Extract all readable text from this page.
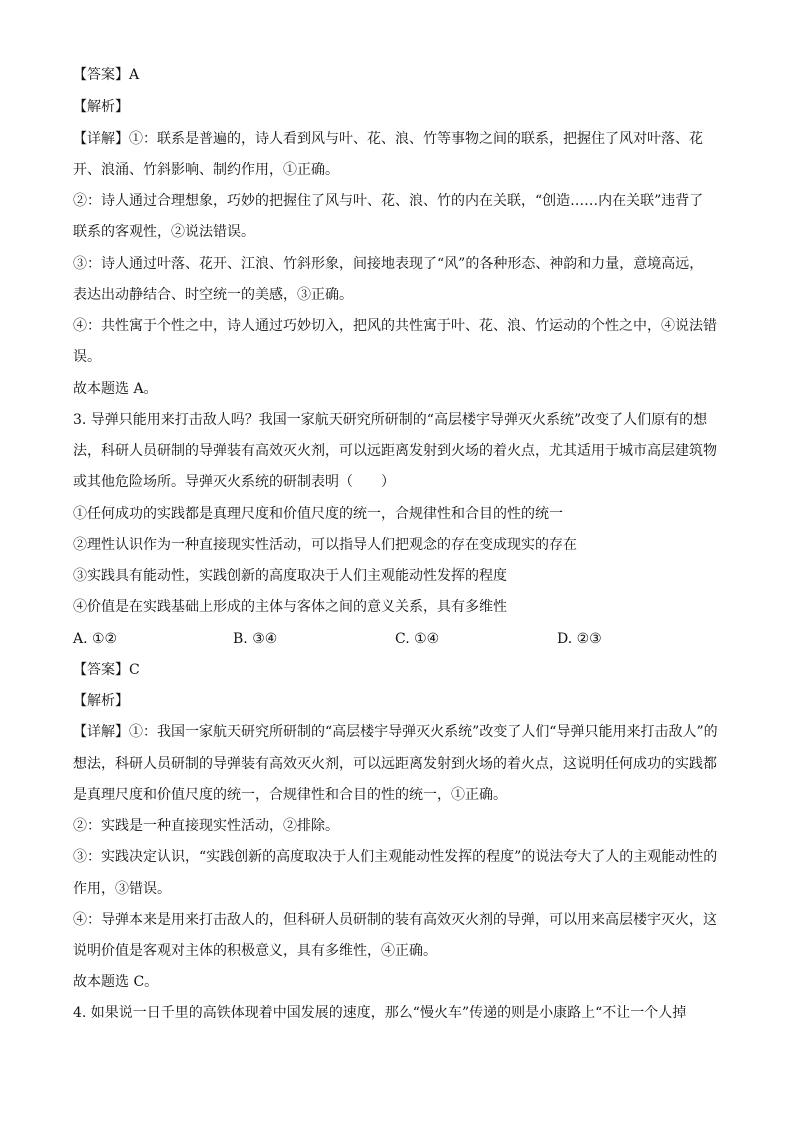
【答案】A
【解析】
【详解】①：联系是普遍的，诗人看到风与叶、花、浪、竹等事物之间的联系，把握住了风对叶落、花
开、浪涌、竹斜影响、制约作用，①正确。
②：诗人通过合理想象，巧妙的把握住了风与叶、花、浪、竹的内在关联，“创造……内在关联”违背了
联系的客观性，②说法错误。
③：诗人通过叶落、花开、江浪、竹斜形象，间接地表现了“风”的各种形态、神韵和力量，意境高远，
表达出动静结合、时空统一的美感，③正确。
④：共性寓于个性之中，诗人通过巧妙切入，把风的共性寓于叶、花、浪、竹运动的个性之中，④说法错
误。
故本题选 A。
3. 导弹只能用来打击敌人吗？我国一家航天研究所研制的“高层楼宇导弹灭火系统”改变了人们原有的想
法，科研人员研制的导弹装有高效灭火剂，可以远距离发射到火场的着火点，尤其适用于城市高层建筑物
或其他危险场所。导弹灭火系统的研制表明（　　）
①任何成功的实践都是真理尺度和价值尺度的统一，合规律性和合目的性的统一
②理性认识作为一种直接现实性活动，可以指导人们把观念的存在变成现实的存在
③实践具有能动性，实践创新的高度取决于人们主观能动性发挥的程度
④价值是在实践基础上形成的主体与客体之间的意义关系，具有多维性
A. ①②	B. ③④	C. ①④	D. ②③
【答案】C
【解析】
【详解】①：我国一家航天研究所研制的“高层楼宇导弹灭火系统”改变了人们“导弹只能用来打击敌人”的
想法，科研人员研制的导弹装有高效灭火剂，可以远距离发射到火场的着火点，这说明任何成功的实践都
是真理尺度和价值尺度的统一，合规律性和合目的性的统一，①正确。
②：实践是一种直接现实性活动，②排除。
③：实践决定认识，“实践创新的高度取决于人们主观能动性发挥的程度”的说法夸大了人的主观能动性的
作用，③错误。
④：导弹本来是用来打击敌人的，但科研人员研制的装有高效灭火剂的导弹，可以用来高层楼宇灭火，这
说明价值是客观对主体的积极意义，具有多维性，④正确。
故本题选 C。
4. 如果说一日千里的高铁体现着中国发展的速度，那么“慢火车”传递的则是小康路上“不让一个人掉
